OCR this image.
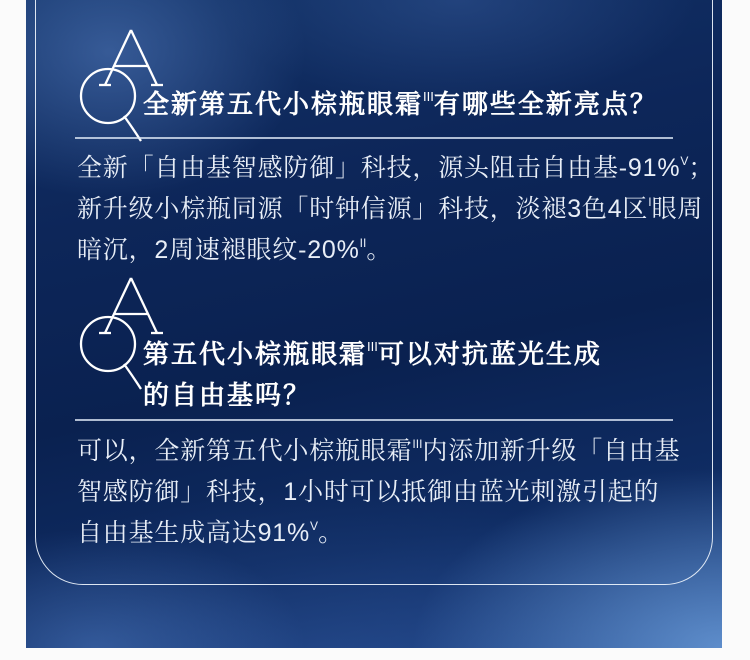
全新第五代小棕瓶眼霜$^{III}$有哪些全新亮点？

全新「自由基智感防御」科技，源头阻击自由基-91%$^V$；
新升级小棕瓶同源「时钟信源」科技，淡褪3色4区$^I$眼周
暗沉，2周速褪眼纹-20%$^{II}$。

第五代小棕瓶眼霜$^{III}$可以对抗蓝光生成
的自由基吗？

可以，全新第五代小棕瓶眼霜$^{III}$内添加新升级「自由基
智感防御」科技，1小时可以抵御由蓝光刺激引起的
自由基生成高达91%$^V$。
